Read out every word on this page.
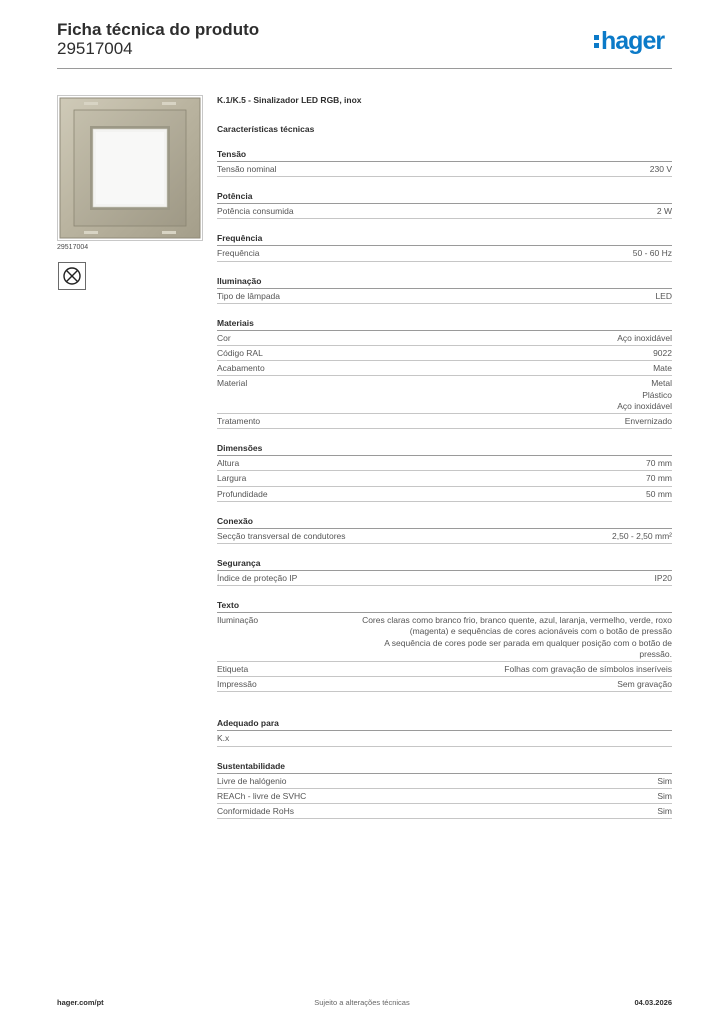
Ficha técnica do produto
29517004	hager
29517004
K.1/K.5 - Sinalizador LED RGB, inox
Características técnicas
Tensão
Tensão nominal	230 V
Potência
Potência consumida	2 W
Frequência
Frequência	50 - 60 Hz
Iluminação
Tipo de lâmpada	LED
Materiais
Cor	Aço inoxidável
Código RAL	9022
Acabamento	Mate
Material	Metal
Plástico
Aço inoxidável
Tratamento	Envernizado
Dimensões
Altura	70 mm
Largura	70 mm
Profundidade	50 mm
Conexão
Secção transversal de condutores	2,50 - 2,50 mm²
Segurança
Índice de proteção IP	IP20
Texto
Iluminação	Cores claras como branco frio, branco quente, azul, laranja, vermelho, verde, roxo (magenta) e sequências de cores acionáveis com o botão de pressão
A sequência de cores pode ser parada em qualquer posição com o botão de pressão.
Etiqueta	Folhas com gravação de símbolos inseríveis
Impressão	Sem gravação
Adequado para
K.x
Sustentabilidade
Livre de halógenio	Sim
REACh - livre de SVHC	Sim
Conformidade RoHs	Sim
hager.com/pt	Sujeito a alterações técnicas	04.03.2026
